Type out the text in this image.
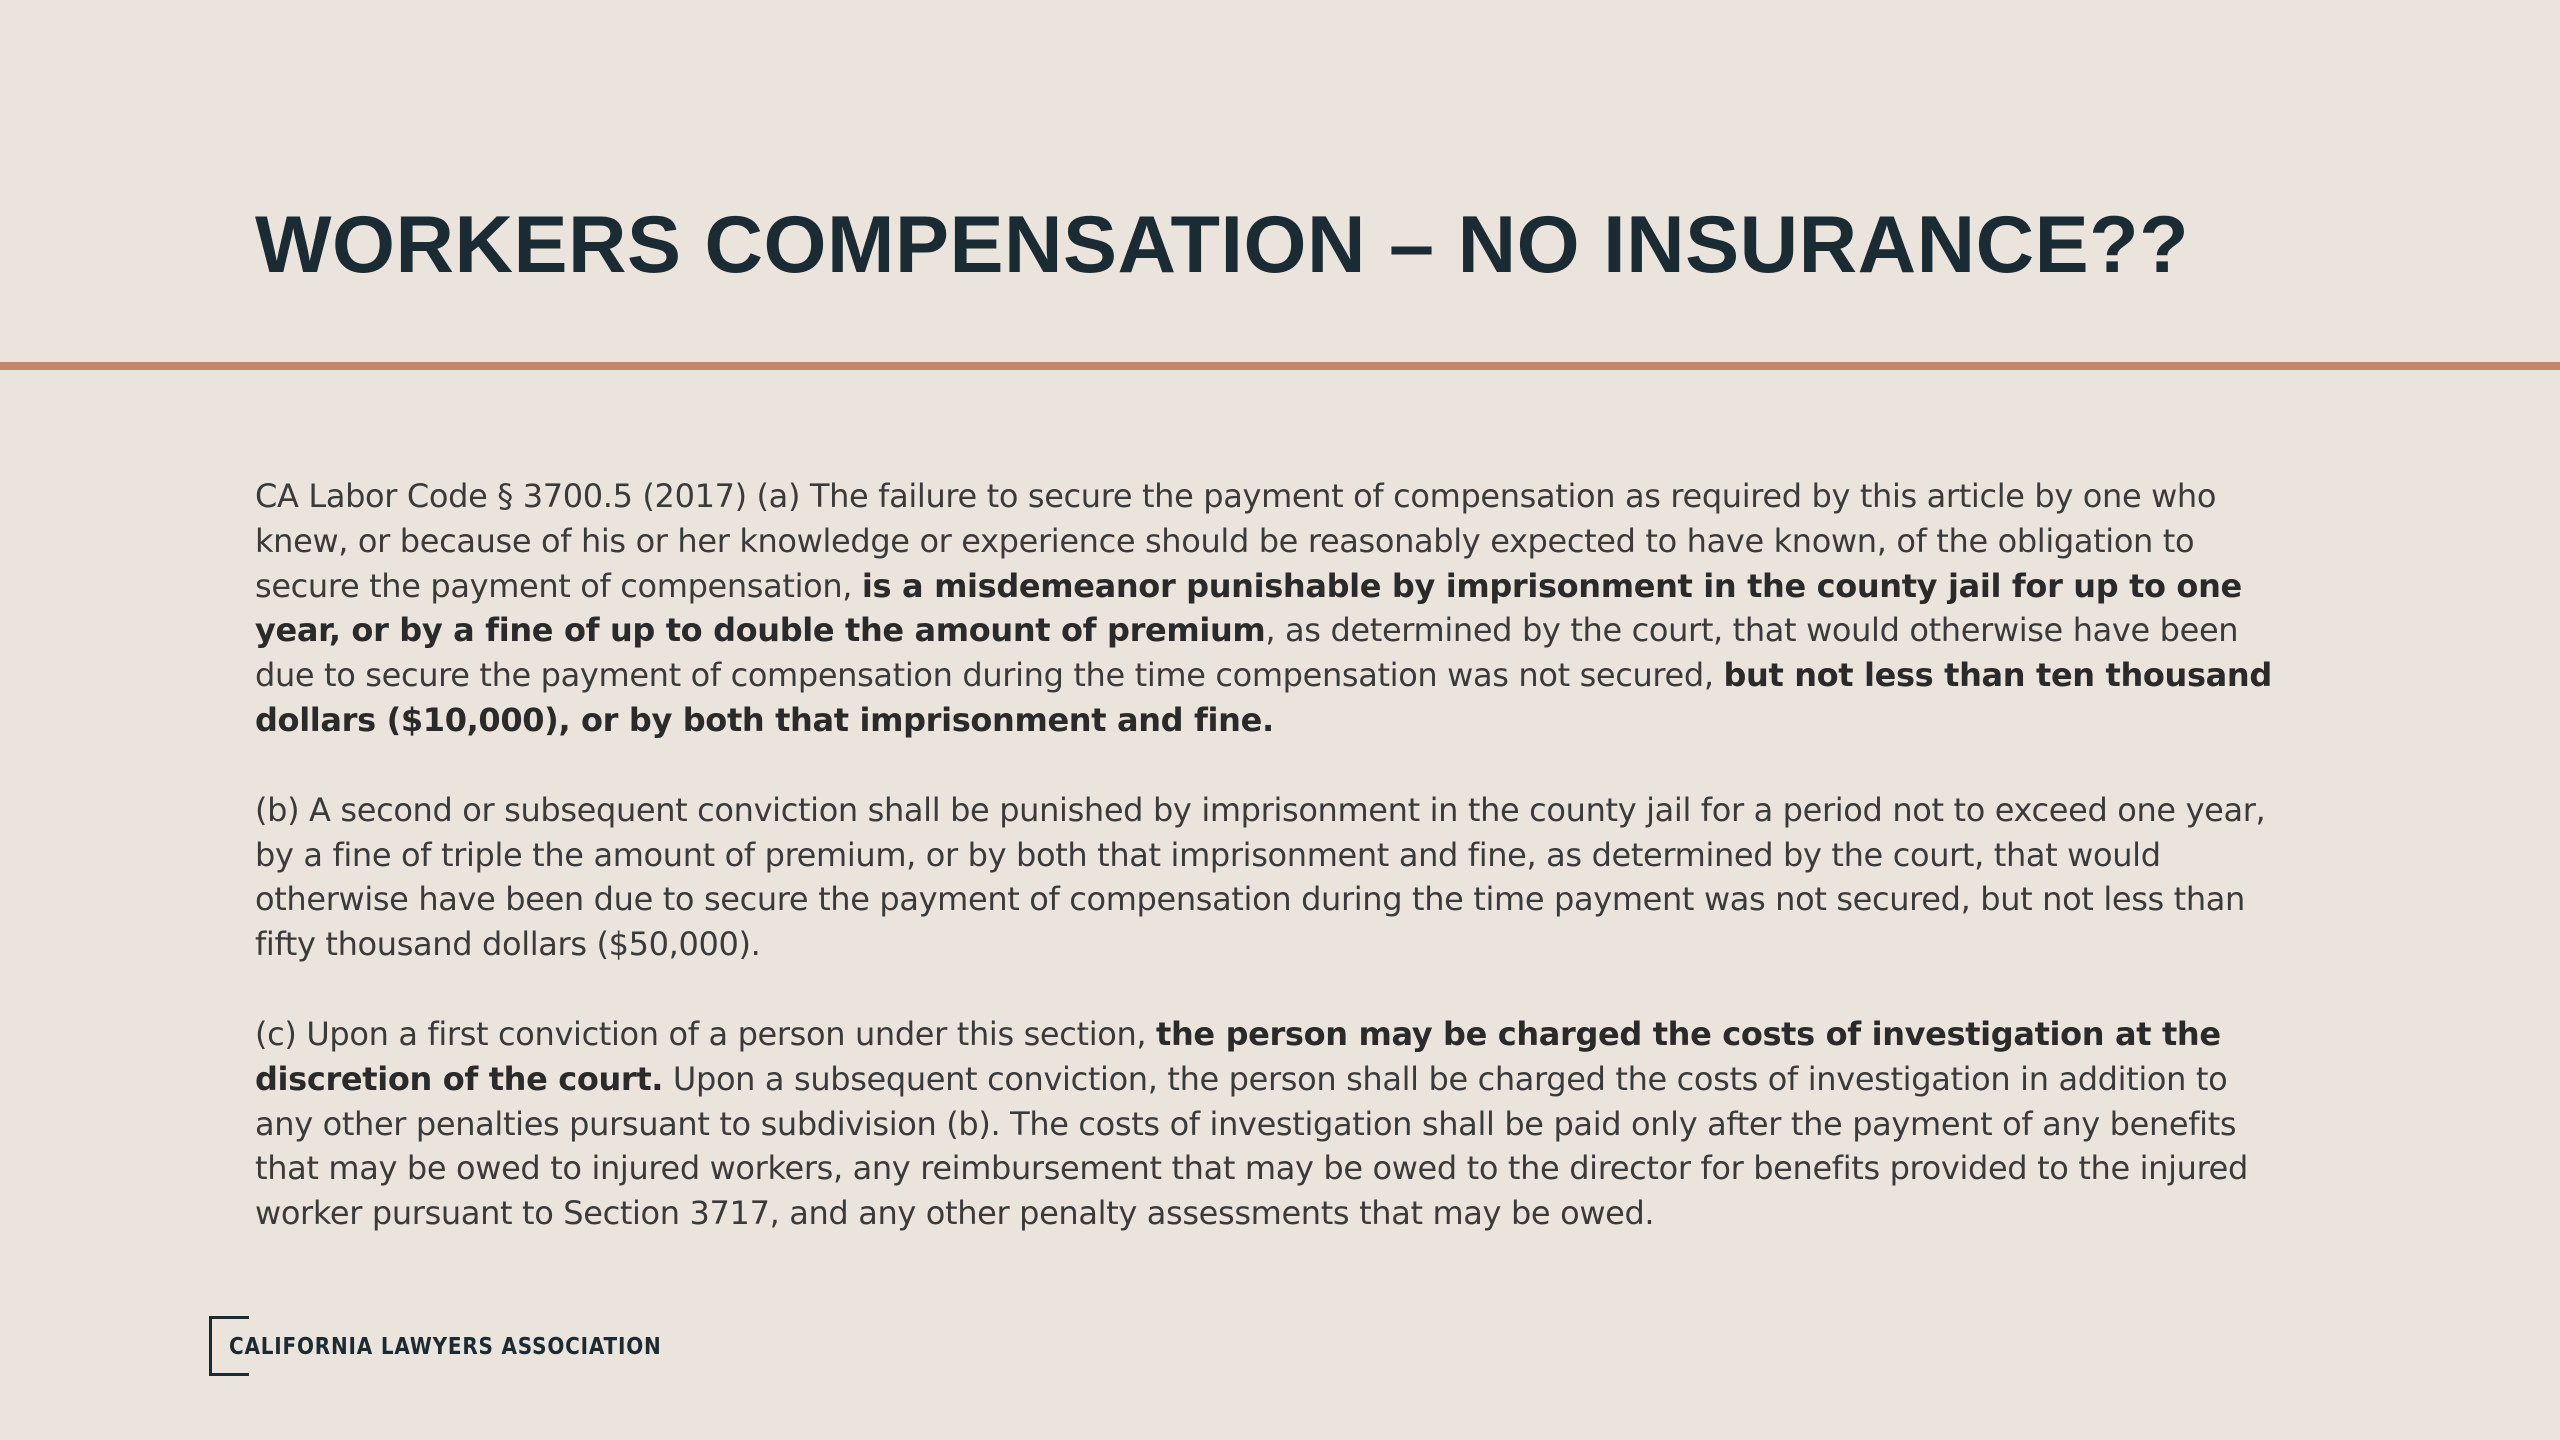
WORKERS COMPENSATION – NO INSURANCE??

CA Labor Code § 3700.5 (2017) (a) The failure to secure the payment of compensation as required by this article by one who knew, or because of his or her knowledge or experience should be reasonably expected to have known, of the obligation to secure the payment of compensation, is a misdemeanor punishable by imprisonment in the county jail for up to one year, or by a fine of up to double the amount of premium, as determined by the court, that would otherwise have been due to secure the payment of compensation during the time compensation was not secured, but not less than ten thousand dollars ($10,000), or by both that imprisonment and fine.

(b) A second or subsequent conviction shall be punished by imprisonment in the county jail for a period not to exceed one year, by a fine of triple the amount of premium, or by both that imprisonment and fine, as determined by the court, that would otherwise have been due to secure the payment of compensation during the time payment was not secured, but not less than fifty thousand dollars ($50,000).

(c) Upon a first conviction of a person under this section, the person may be charged the costs of investigation at the discretion of the court. Upon a subsequent conviction, the person shall be charged the costs of investigation in addition to any other penalties pursuant to subdivision (b). The costs of investigation shall be paid only after the payment of any benefits that may be owed to injured workers, any reimbursement that may be owed to the director for benefits provided to the injured worker pursuant to Section 3717, and any other penalty assessments that may be owed.

CALIFORNIA LAWYERS ASSOCIATION
